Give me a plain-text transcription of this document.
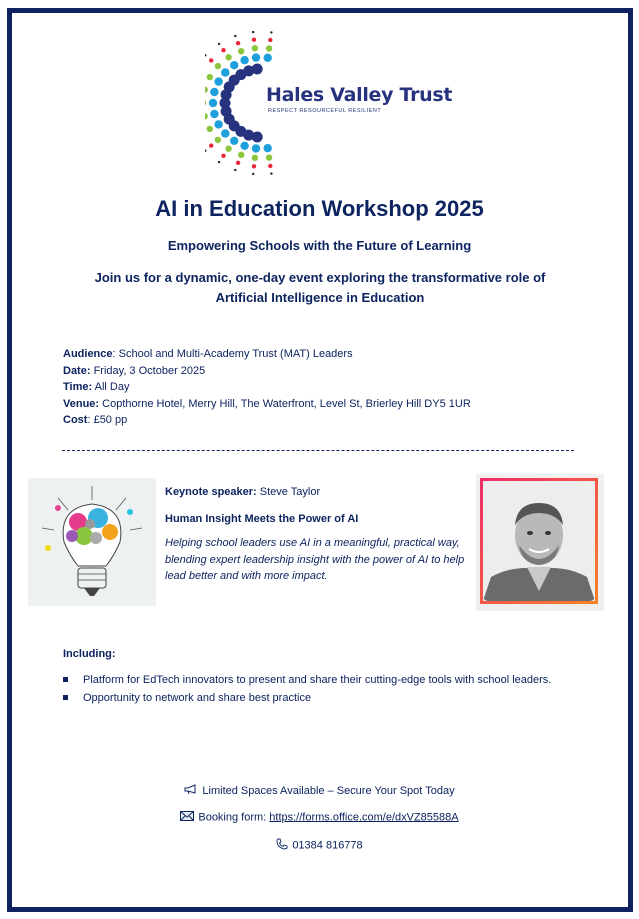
Hales Valley Trust
RESPECT RESOURCEFUL RESILIENT
AI in Education Workshop 2025
Empowering Schools with the Future of Learning
Join us for a dynamic, one-day event exploring the transformative role of Artificial Intelligence in Education
Audience: School and Multi-Academy Trust (MAT) Leaders
Date: Friday, 3 October 2025
Time: All Day
Venue: Copthorne Hotel, Merry Hill, The Waterfront, Level St, Brierley Hill DY5 1UR
Cost: £50 pp
Keynote speaker: Steve Taylor
Human Insight Meets the Power of AI
Helping school leaders use AI in a meaningful, practical way, blending expert leadership insight with the power of AI to help lead better and with more impact.
Including:
Platform for EdTech innovators to present and share their cutting-edge tools with school leaders.
Opportunity to network and share best practice
Limited Spaces Available – Secure Your Spot Today
Booking form: https://forms.office.com/e/dxVZ85588A
01384 816778
